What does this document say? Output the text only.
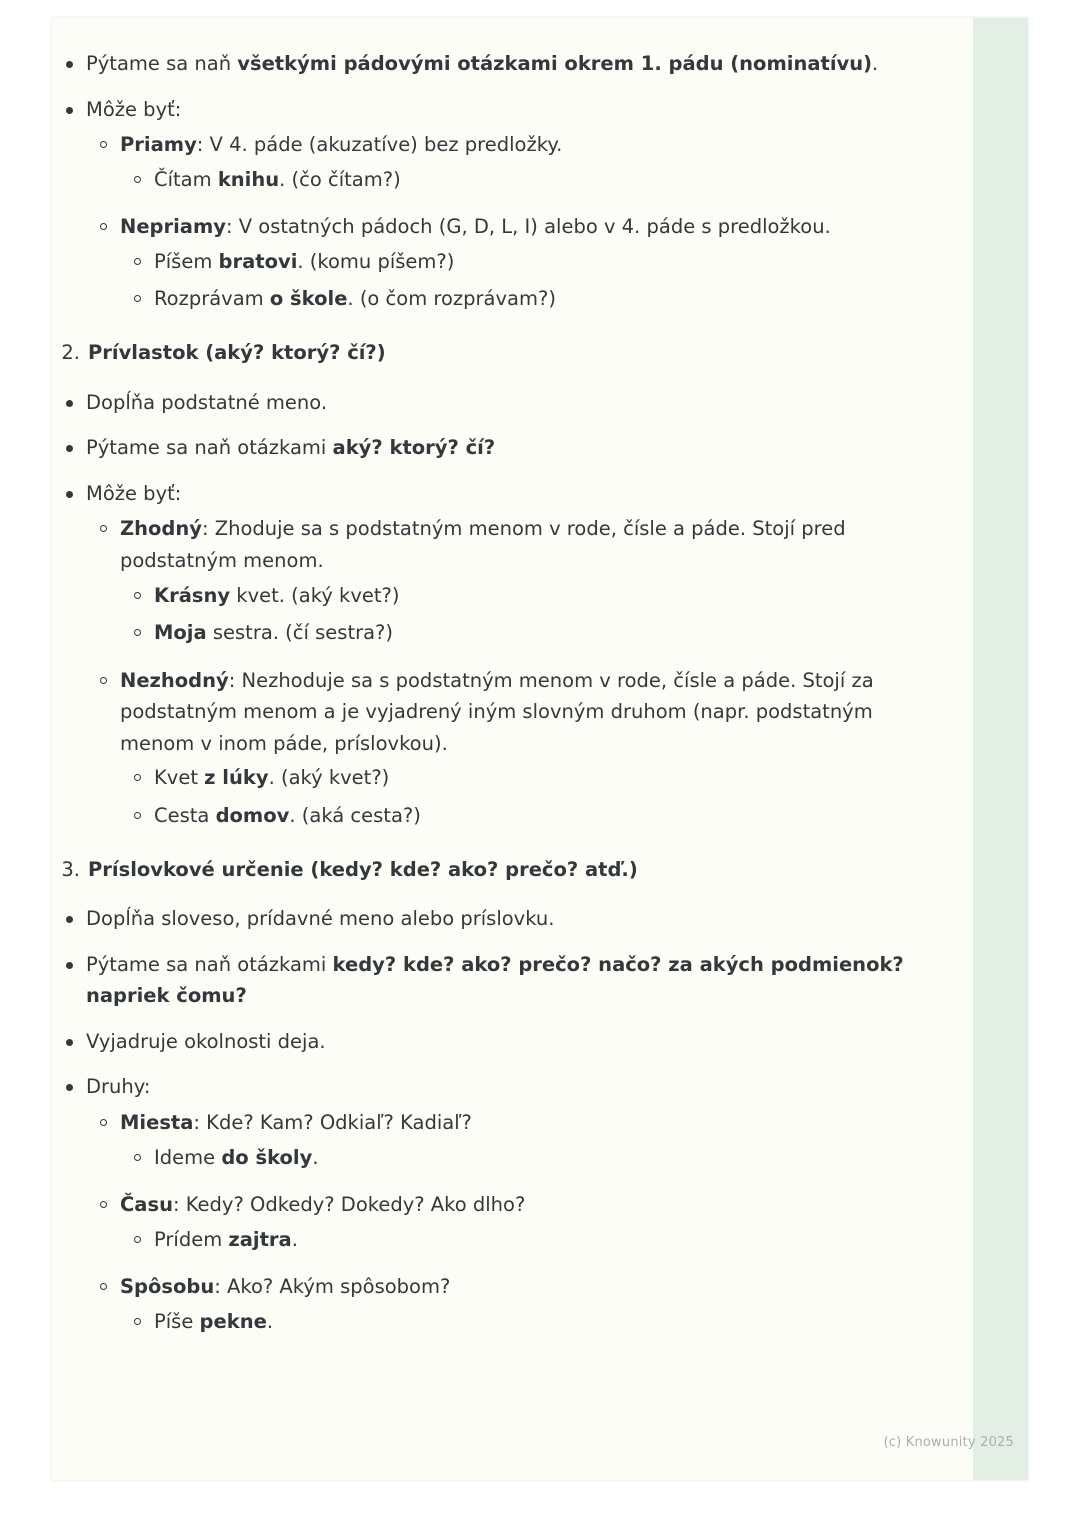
Pýtame sa naň všetkými pádovými otázkami okrem 1. pádu (nominatívu).
Môže byť:
Priamy: V 4. páde (akuzatíve) bez predložky.
Čítam knihu. (čo čítam?)
Nepriamy: V ostatných pádoch (G, D, L, I) alebo v 4. páde s predložkou.
Píšem bratovi. (komu píšem?)
Rozprávam o škole. (o čom rozprávam?)
2. Prívlastok (aký? ktorý? čí?)
Dopĺňa podstatné meno.
Pýtame sa naň otázkami aký? ktorý? čí?
Môže byť:
Zhodný: Zhoduje sa s podstatným menom v rode, čísle a páde. Stojí pred podstatným menom.
Krásny kvet. (aký kvet?)
Moja sestra. (čí sestra?)
Nezhodný: Nezhoduje sa s podstatným menom v rode, čísle a páde. Stojí za podstatným menom a je vyjadrený iným slovným druhom (napr. podstatným menom v inom páde, príslovkou).
Kvet z lúky. (aký kvet?)
Cesta domov. (aká cesta?)
3. Príslovkové určenie (kedy? kde? ako? prečo? atď.)
Dopĺňa sloveso, prídavné meno alebo príslovku.
Pýtame sa naň otázkami kedy? kde? ako? prečo? načo? za akých podmienok? napriek čomu?
Vyjadruje okolnosti deja.
Druhy:
Miesta: Kde? Kam? Odkiaľ? Kadiaľ?
Ideme do školy.
Času: Kedy? Odkedy? Dokedy? Ako dlho?
Prídem zajtra.
Spôsobu: Ako? Akým spôsobom?
Píše pekne.
(c) Knowunity 2025
